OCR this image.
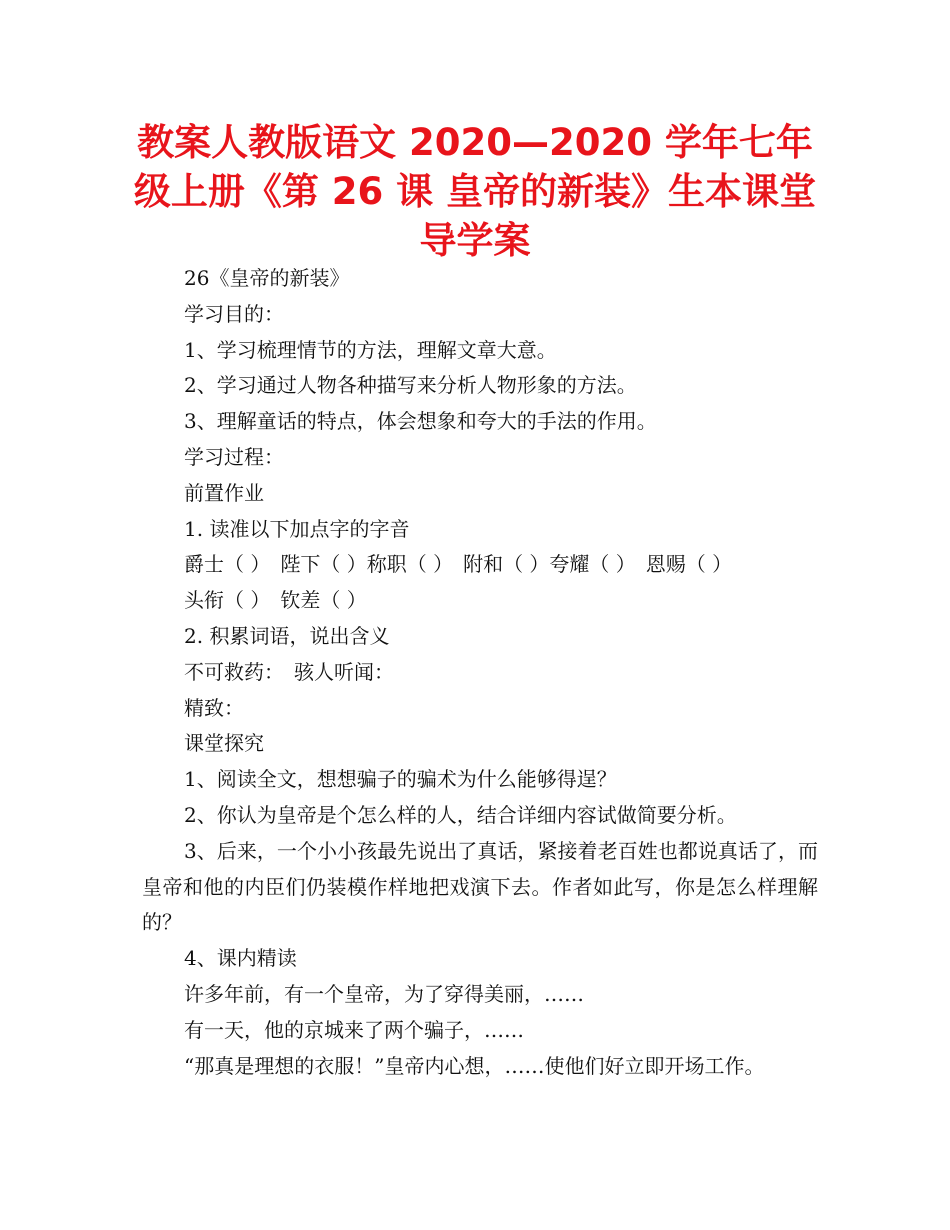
教案人教版语文 2020—2020 学年七年级上册《第 26 课 皇帝的新装》生本课堂导学案

26《皇帝的新装》

学习目的：

1、学习梳理情节的方法，理解文章大意。

2、学习通过人物各种描写来分析人物形象的方法。

3、理解童话的特点，体会想象和夸大的手法的作用。

学习过程：

前置作业

1. 读准以下加点字的字音

爵士（ ）　陛下（ ）称职（ ）　附和（ ）夸耀（ ）　恩赐（ ）

头衔（ ）　钦差（ ）

2. 积累词语，说出含义

不可救药：　骇人听闻：

精致：

课堂探究

1、阅读全文，想想骗子的骗术为什么能够得逞？

2、你认为皇帝是个怎么样的人，结合详细内容试做简要分析。

3、后来，一个小小孩最先说出了真话，紧接着老百姓也都说真话了，而皇帝和他的内臣们仍装模作样地把戏演下去。作者如此写，你是怎么样理解的？

4、课内精读

许多年前，有一个皇帝，为了穿得美丽，……

有一天，他的京城来了两个骗子，……

“那真是理想的衣服！”皇帝内心想，……使他们好立即开场工作。
